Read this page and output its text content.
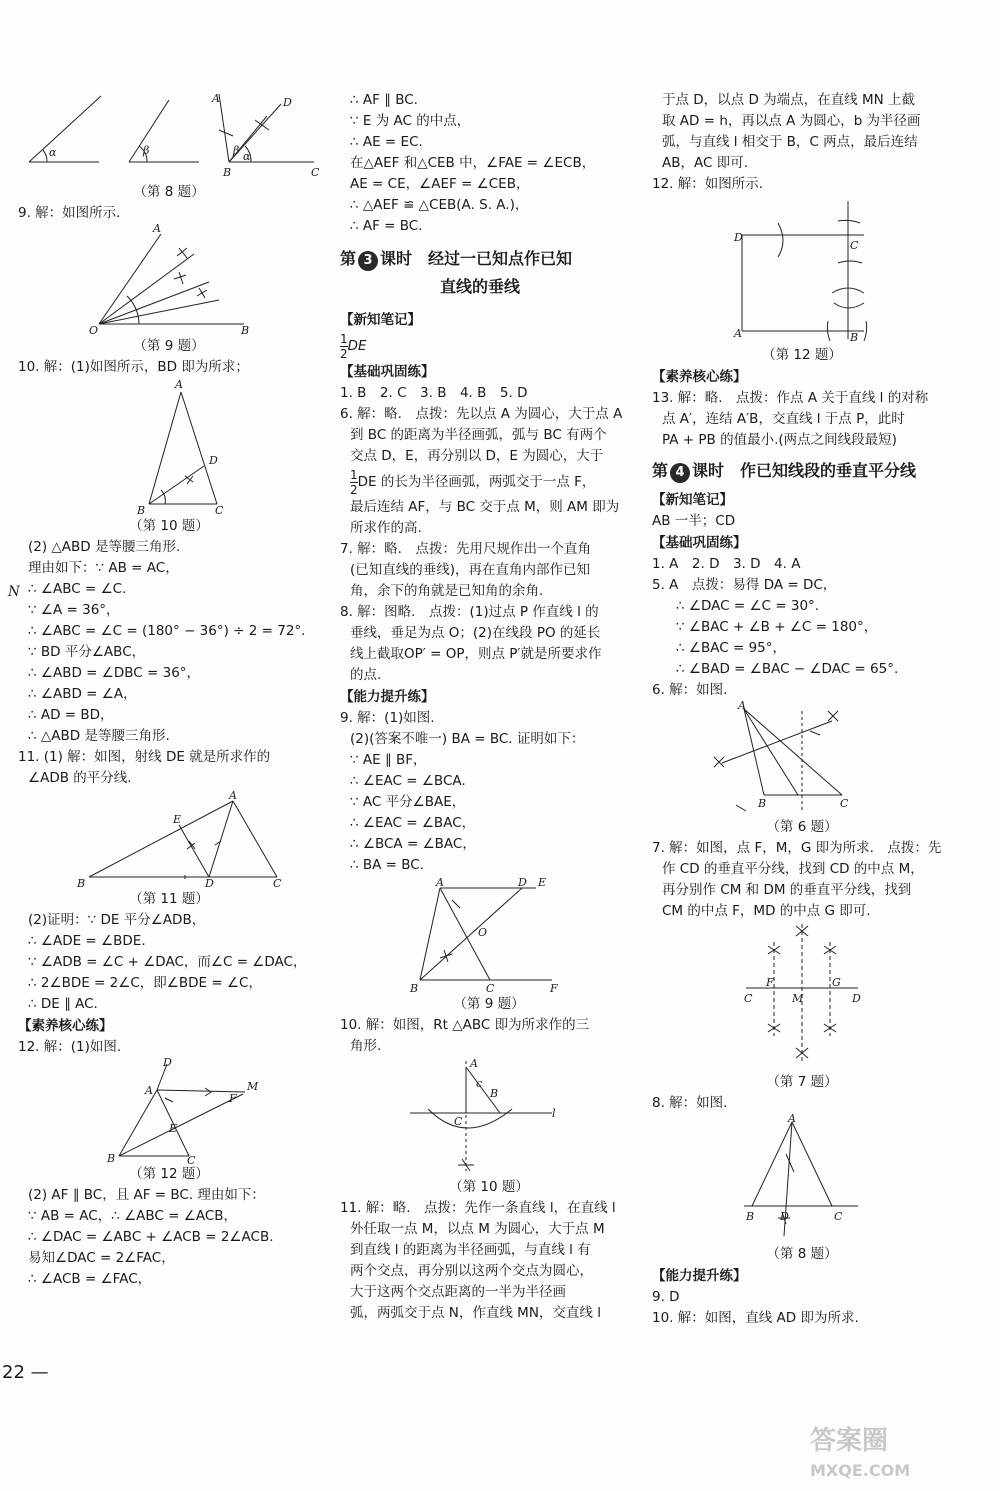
α	β
A	D
B	C
β α
（第 8 题）
9. 解：如图所示.
A
O	B
（第 9 题）
10. 解：(1)如图所示，BD 即为所求；
A
B	C
D
（第 10 题）
(2) △ABD 是等腰三角形.
理由如下：∵ AB = AC，
∴ ∠ABC = ∠C.
∵ ∠A = 36°，
∴ ∠ABC = ∠C = (180° − 36°) ÷ 2 = 72°.
∵ BD 平分∠ABC，
∴ ∠ABD = ∠DBC = 36°，
∴ ∠ABD = ∠A，
∴ AD = BD，
∴ △ABD 是等腰三角形.
11. (1) 解：如图，射线 DE 就是所求作的
∠ADB 的平分线.
A
B	D	C
E
（第 11 题）
(2)证明：∵ DE 平分∠ADB，
∴ ∠ADE = ∠BDE.
∵ ∠ADB = ∠C + ∠DAC，而∠C = ∠DAC，
∴ 2∠BDE = 2∠C，即∠BDE = ∠C，
∴ DE ∥ AC.
【素养核心练】
12. 解：(1)如图.
D
A	M
F
E
B	C
（第 12 题）
(2) AF ∥ BC，且 AF = BC. 理由如下：
∵ AB = AC，∴ ∠ABC = ∠ACB，
∴ ∠DAC = ∠ABC + ∠ACB = 2∠ACB.
易知∠DAC = 2∠FAC，
∴ ∠ACB = ∠FAC，
N
∴ AF ∥ BC.
∵ E 为 AC 的中点，
∴ AE = EC.
在△AEF 和△CEB 中，∠FAE = ∠ECB，
AE = CE，∠AEF = ∠CEB，
∴ △AEF ≌ △CEB(A. S. A.)，
∴ AF = BC.
第 3 课时　经过一已知点作已知
直线的垂线
【新知笔记】
$\frac{1}{2}$ DE
【基础巩固练】
1. B　2. C　3. B　4. B　5. D
6. 解：略.　点拨：先以点 A 为圆心，大于点 A
到 BC 的距离为半径画弧，弧与 BC 有两个
交点 D，E，再分别以 D，E 为圆心，大于
$\frac{1}{2}$ DE 的长为半径画弧，两弧交于一点 F，
最后连结 AF，与 BC 交于点 M，则 AM 即为
所求作的高.
7. 解：略.　点拨：先用尺规作出一个直角
(已知直线的垂线)，再在直角内部作已知
角，余下的角就是已知角的余角.
8. 解：图略.　点拨：(1)过点 P 作直线 l 的
垂线，垂足为点 O；(2)在线段 PO 的延长
线上截取OP′ = OP，则点 P′就是所要求作
的点.
【能力提升练】
9. 解：(1)如图.
(2)(答案不唯一) BA = BC. 证明如下：
∵ AE ∥ BF，
∴ ∠EAC = ∠BCA.
∵ AC 平分∠BAE，
∴ ∠EAC = ∠BAC，
∴ ∠BCA = ∠BAC，
∴ BA = BC.
A	D E
O
B	C	F
（第 9 题）
10. 解：如图，Rt △ABC 即为所求作的三
角形.
A
c
B
C
l
（第 10 题）
11. 解：略.　点拨：先作一条直线 l，在直线 l
外任取一点 M，以点 M 为圆心，大于点 M
到直线 l 的距离为半径画弧，与直线 l 有
两个交点，再分别以这两个交点为圆心，
大于这两个交点距离的一半为半径画
弧，两弧交于点 N，作直线 MN，交直线 l
于点 D，以点 D 为端点，在直线 MN 上截
取 AD = h，再以点 A 为圆心，b 为半径画
弧，与直线 l 相交于 B，C 两点，最后连结
AB，AC 即可.
12. 解：如图所示.
D
C
A	B
（第 12 题）
【素养核心练】
13. 解：略.　点拨：作点 A 关于直线 l 的对称
点 A′，连结 A′B，交直线 l 于点 P，此时
PA + PB 的值最小.(两点之间线段最短)
第 4 课时　作已知线段的垂直平分线
【新知笔记】
AB 一半；CD
【基础巩固练】
1. A　2. D　3. D　4. A
5. A　点拨：易得 DA = DC，
∴ ∠DAC = ∠C = 30°.
∵ ∠BAC + ∠B + ∠C = 180°，
∴ ∠BAC = 95°，
∴ ∠BAD = ∠BAC − ∠DAC = 65°.
6. 解：如图.
A
B	C
（第 6 题）
7. 解：如图，点 F，M，G 即为所求.　点拨：先
作 CD 的垂直平分线，找到 CD 的中点 M，
再分别作 CM 和 DM 的垂直平分线，找到
CM 的中点 F，MD 的中点 G 即可.
C
F
M
G
D
（第 7 题）
8. 解：如图.
A
B D	C
（第 8 题）
【能力提升练】
9. D
10. 解：如图，直线 AD 即为所求.
22 —
答案圈
MXQE.COM
